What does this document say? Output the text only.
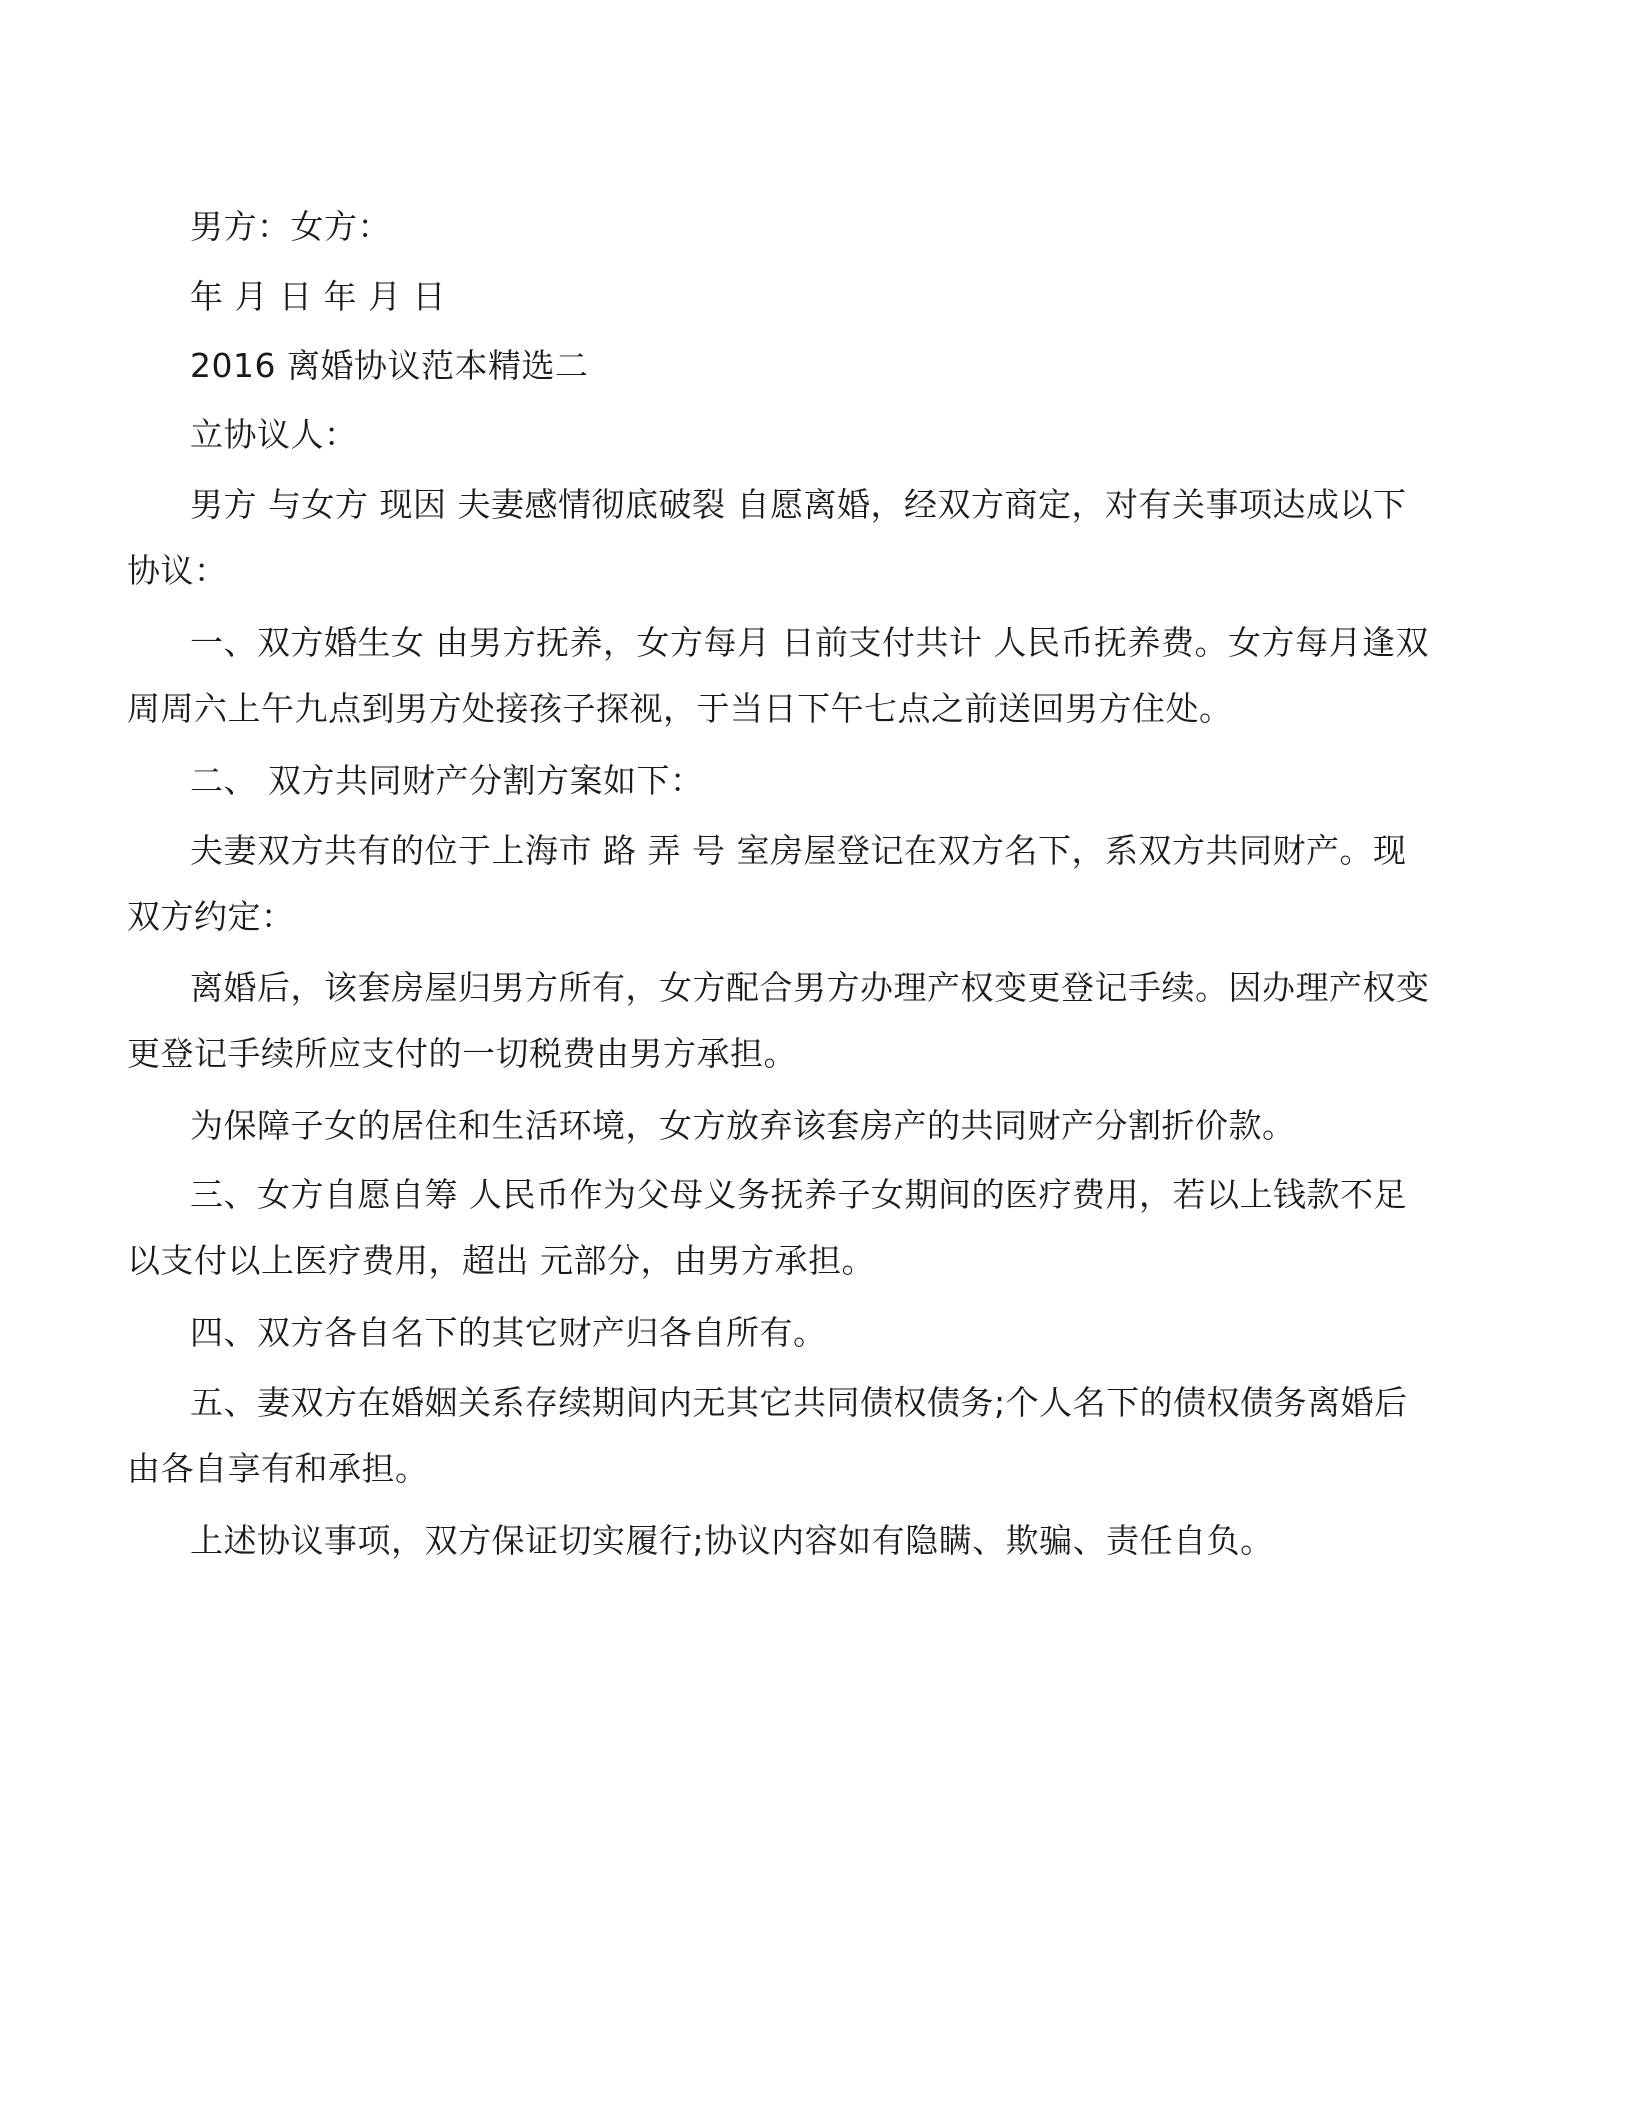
男方：女方：

年 月 日 年 月 日

2016 离婚协议范本精选二

立协议人：

男方 与女方 现因 夫妻感情彻底破裂 自愿离婚，经双方商定，对有关事项达成以下协议：

一、双方婚生女 由男方抚养，女方每月 日前支付共计 人民币抚养费。女方每月逢双周周六上午九点到男方处接孩子探视，于当日下午七点之前送回男方住处。

二、 双方共同财产分割方案如下：

夫妻双方共有的位于上海市 路 弄 号 室房屋登记在双方名下，系双方共同财产。现双方约定：

离婚后，该套房屋归男方所有，女方配合男方办理产权变更登记手续。因办理产权变更登记手续所应支付的一切税费由男方承担。

为保障子女的居住和生活环境，女方放弃该套房产的共同财产分割折价款。

三、女方自愿自筹 人民币作为父母义务抚养子女期间的医疗费用，若以上钱款不足以支付以上医疗费用，超出 元部分，由男方承担。

四、双方各自名下的其它财产归各自所有。

五、妻双方在婚姻关系存续期间内无其它共同债权债务;个人名下的债权债务离婚后由各自享有和承担。

上述协议事项，双方保证切实履行;协议内容如有隐瞒、欺骗、责任自负。
